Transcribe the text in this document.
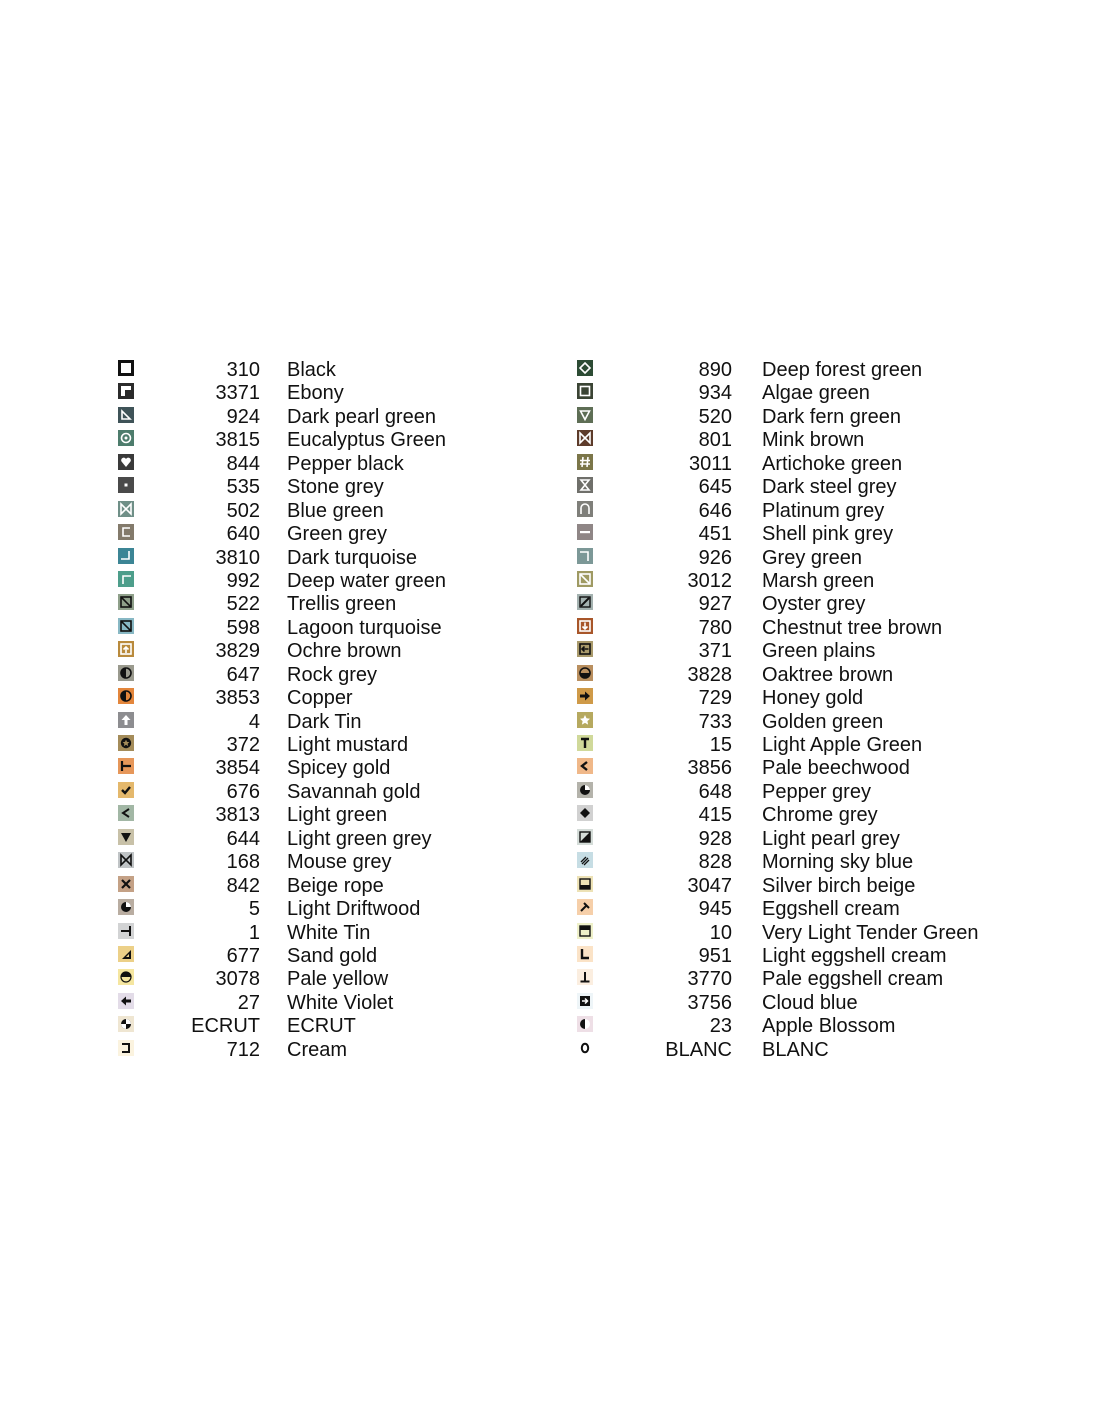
310 Black
3371 Ebony
924 Dark pearl green
3815 Eucalyptus Green
844 Pepper black
535 Stone grey
502 Blue green
640 Green grey
3810 Dark turquoise
992 Deep water green
522 Trellis green
598 Lagoon turquoise
3829 Ochre brown
647 Rock grey
3853 Copper
4 Dark Tin
372 Light mustard
3854 Spicey gold
676 Savannah gold
3813 Light green
644 Light green grey
168 Mouse grey
842 Beige rope
5 Light Driftwood
1 White Tin
677 Sand gold
3078 Pale yellow
27 White Violet
ECRUT ECRUT
712 Cream
890 Deep forest green
934 Algae green
520 Dark fern green
801 Mink brown
3011 Artichoke green
645 Dark steel grey
646 Platinum grey
451 Shell pink grey
926 Grey green
3012 Marsh green
927 Oyster grey
780 Chestnut tree brown
371 Green plains
3828 Oaktree brown
729 Honey gold
733 Golden green
15 Light Apple Green
3856 Pale beechwood
648 Pepper grey
415 Chrome grey
928 Light pearl grey
828 Morning sky blue
3047 Silver birch beige
945 Eggshell cream
10 Very Light Tender Green
951 Light eggshell cream
3770 Pale eggshell cream
3756 Cloud blue
23 Apple Blossom
BLANC BLANC
